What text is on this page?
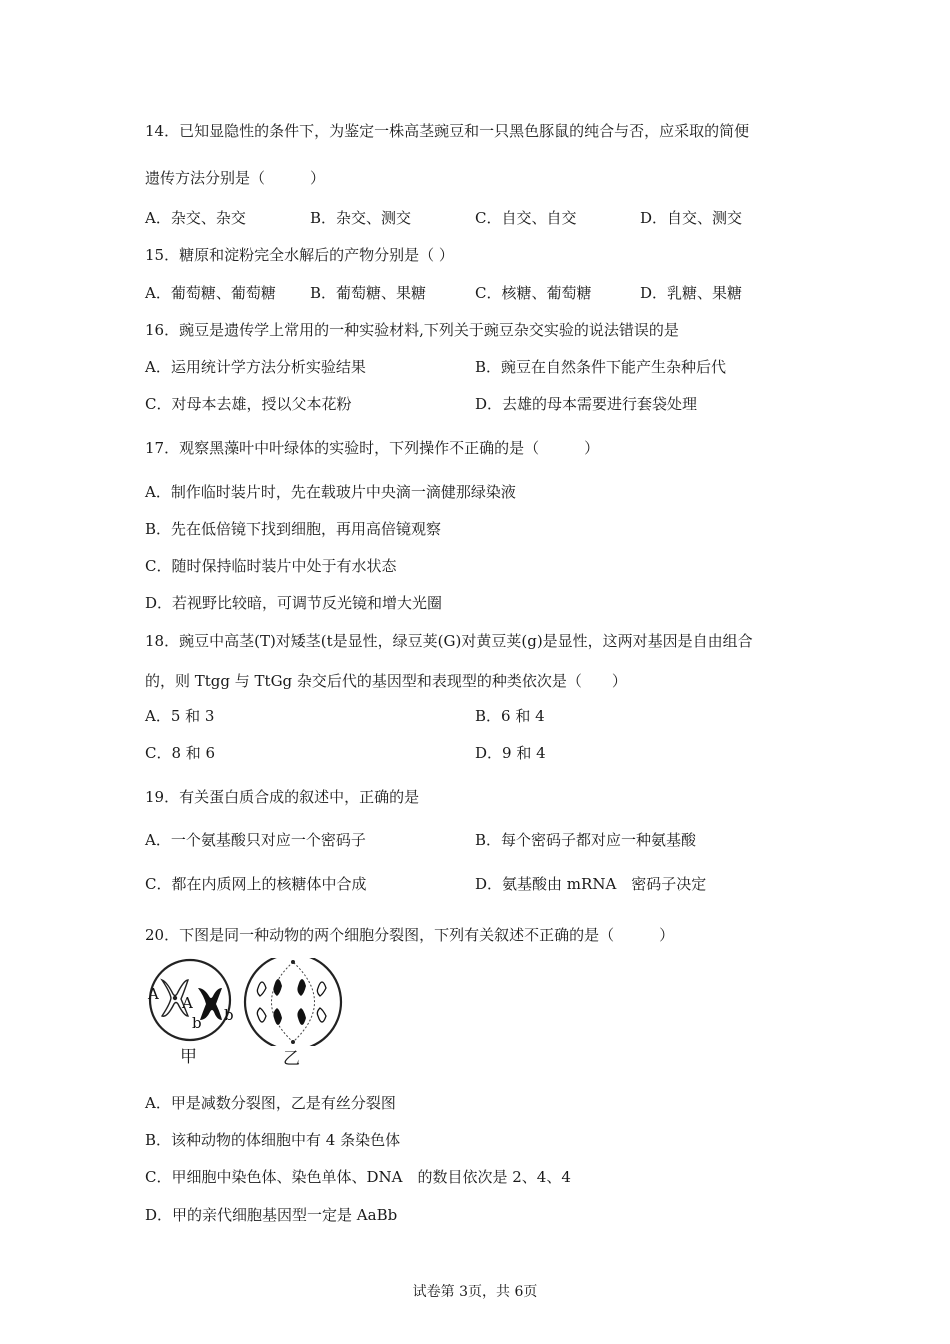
14．已知显隐性的条件下，为鉴定一株高茎豌豆和一只黑色豚鼠的纯合与否，应采取的简便
遗传方法分别是（　　　）
A．杂交、杂交	B．杂交、测交	C．自交、自交	D．自交、测交
15．糖原和淀粉完全水解后的产物分别是（ ）
A．葡萄糖、葡萄糖 B．葡萄糖、果糖	C．核糖、葡萄糖	D．乳糖、果糖
16．豌豆是遗传学上常用的一种实验材料,下列关于豌豆杂交实验的说法错误的是
A．运用统计学方法分析实验结果	B．豌豆在自然条件下能产生杂种后代
C．对母本去雄，授以父本花粉	D．去雄的母本需要进行套袋处理
17．观察黑藻叶中叶绿体的实验时，下列操作不正确的是（　　　）
A．制作临时装片时，先在载玻片中央滴一滴健那绿染液
B．先在低倍镜下找到细胞，再用高倍镜观察
C．随时保持临时装片中处于有水状态
D．若视野比较暗，可调节反光镜和增大光圈
18．豌豆中高茎(T)对矮茎(t是显性，绿豆荚(G)对黄豆荚(g)是显性，这两对基因是自由组合
的，则 Ttgg 与 TtGg 杂交后代的基因型和表现型的种类依次是（　　）
A．5 和 3	B．6 和 4
C．8 和 6	D．9 和 4
19．有关蛋白质合成的叙述中，正确的是
A．一个氨基酸只对应一个密码子	B．每个密码子都对应一种氨基酸
C．都在内质网上的核糖体中合成	D．氨基酸由 mRNA　密码子决定
20．下图是同一种动物的两个细胞分裂图，下列有关叙述不正确的是（　　　）
A A
b b
甲	乙
A．甲是减数分裂图，乙是有丝分裂图
B．该种动物的体细胞中有 4 条染色体
C．甲细胞中染色体、染色单体、DNA　的数目依次是 2、4、4
D．甲的亲代细胞基因型一定是 AaBb
试卷第 3页，共 6页
